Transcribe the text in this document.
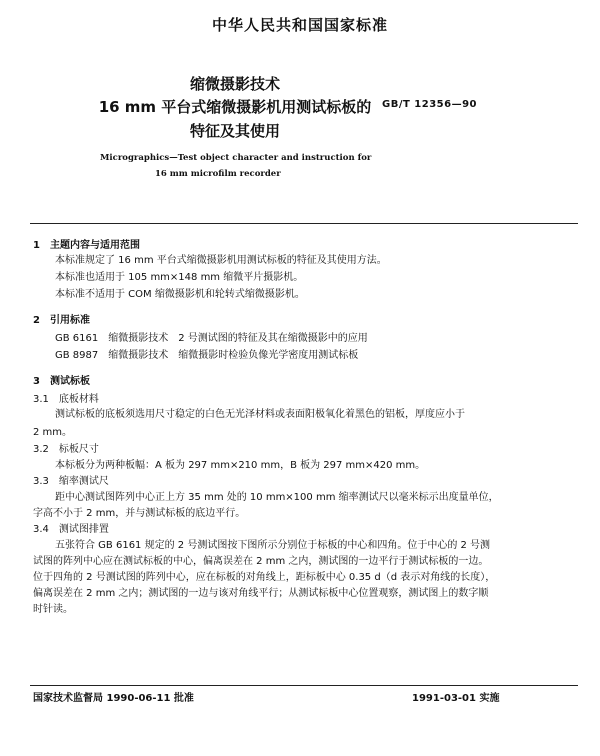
中华人民共和国国家标准
缩微摄影技术
16 mm 平台式缩微摄影机用测试标板的
特征及其使用
GB/T 12356—90
Micrographics—Test object character and instruction for
16 mm microfilm recorder
1　主题内容与适用范围
本标准规定了 16 mm 平台式缩微摄影机用测试标板的特征及其使用方法。
本标准也适用于 105 mm×148 mm 缩微平片摄影机。
本标准不适用于 COM 缩微摄影机和轮转式缩微摄影机。
2　引用标准
GB 6161　缩微摄影技术　2 号测试图的特征及其在缩微摄影中的应用
GB 8987　缩微摄影技术　缩微摄影时检验负像光学密度用测试标板
3　测试标板
3.1　底板材料
测试标板的底板须选用尺寸稳定的白色无光泽材料或表面阳极氧化着黑色的铝板，厚度应小于
2 mm。
3.2　标板尺寸
本标板分为两种板幅：A 板为 297 mm×210 mm，B 板为 297 mm×420 mm。
3.3　缩率测试尺
距中心测试图阵列中心正上方 35 mm 处的 10 mm×100 mm 缩率测试尺以毫米标示出度量单位，
字高不小于 2 mm，并与测试标板的底边平行。
3.4　测试图排置
五张符合 GB 6161 规定的 2 号测试图按下图所示分别位于标板的中心和四角。位于中心的 2 号测
试图的阵列中心应在测试标板的中心，偏离误差在 2 mm 之内，测试图的一边平行于测试标板的一边。
位于四角的 2 号测试图的阵列中心，应在标板的对角线上，距标板中心 0.35 d（d 表示对角线的长度），
偏离误差在 2 mm 之内；测试图的一边与该对角线平行；从测试标板中心位置观察，测试图上的数字顺
时针读。
国家技术监督局 1990-06-11 批准	1991-03-01 实施
